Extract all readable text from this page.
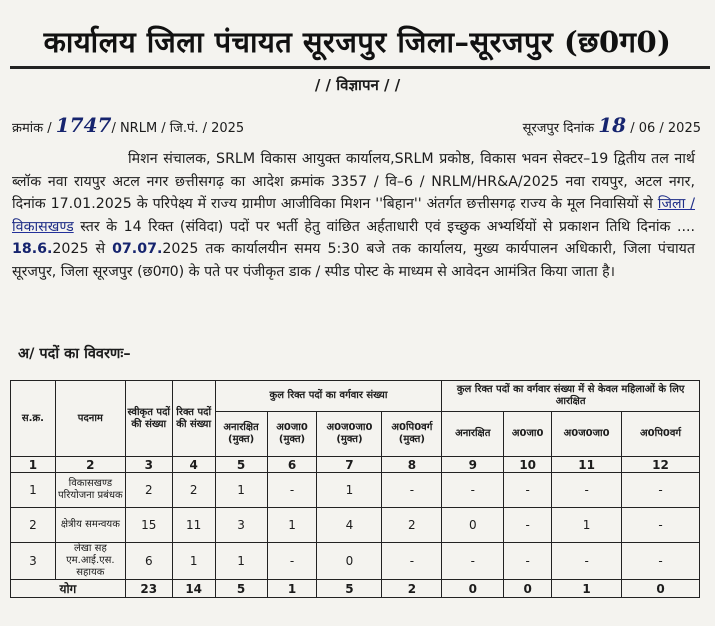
कार्यालय जिला पंचायत सूरजपुर जिला–सूरजपुर (छ0ग0)
/ / विज्ञापन / /
क्रमांक / 1747/ NRLM / जि.पं. / 2025	सूरजपुर दिनांक 18 / 06 / 2025

मिशन संचालक, SRLM विकास आयुक्त कार्यालय,SRLM प्रकोष्ठ, विकास भवन सेक्टर–19 द्वितीय तल नार्थ ब्लॉक नवा रायपुर अटल नगर छत्तीसगढ़ का आदेश क्रमांक 3357 / वि–6 / NRLM/HR&A/2025 नवा रायपुर, अटल नगर, दिनांक 17.01.2025 के परिपेक्ष्य में राज्य ग्रामीण आजीविका मिशन ''बिहान'' अंतर्गत छत्तीसगढ़ राज्य के मूल निवासियों से जिला / विकासखण्ड स्तर के 14 रिक्त (संविदा) पदों पर भर्ती हेतु वांछित अर्हताधारी एवं इच्छुक अभ्यर्थियों से प्रकाशन तिथि दिनांक .... 18.6.2025 से 07.07.2025 तक कार्यालयीन समय 5:30 बजे तक कार्यालय, मुख्य कार्यपालन अधिकारी, जिला पंचायत सूरजपुर, जिला सूरजपुर (छ0ग0) के पते पर पंजीकृत डाक / स्पीड पोस्ट के माध्यम से आवेदन आमंत्रित किया जाता है।

अ/ पदों का विवरणः–
स.क्र.	पदनाम	स्वीकृत पदों की संख्या	रिक्त पदों की संख्या	कुल रिक्त पदों का वर्गवार संख्या				कुल रिक्त पदों का वर्गवार संख्या में से केवल महिलाओं के लिए आरक्षित			
				अनारक्षित (मुक्त)	अ0जा0 (मुक्त)	अ0ज0जा0 (मुक्त)	अ0पि0वर्ग (मुक्त)	अनारक्षित	अ0जा0	अ0ज0जा0	अ0पि0वर्ग
1	2	3	4	5	6	7	8	9	10	11	12
1	विकासखण्ड परियोजना प्रबंधक	2	2	1	-	1	-	-	-	-	-
2	क्षेत्रीय समन्वयक	15	11	3	1	4	2	0	-	1	-
3	लेखा सह एम.आई.एस. सहायक	6	1	1	-	0	-	-	-	-	-
योग		23	14	5	1	5	2	0	0	1	0
